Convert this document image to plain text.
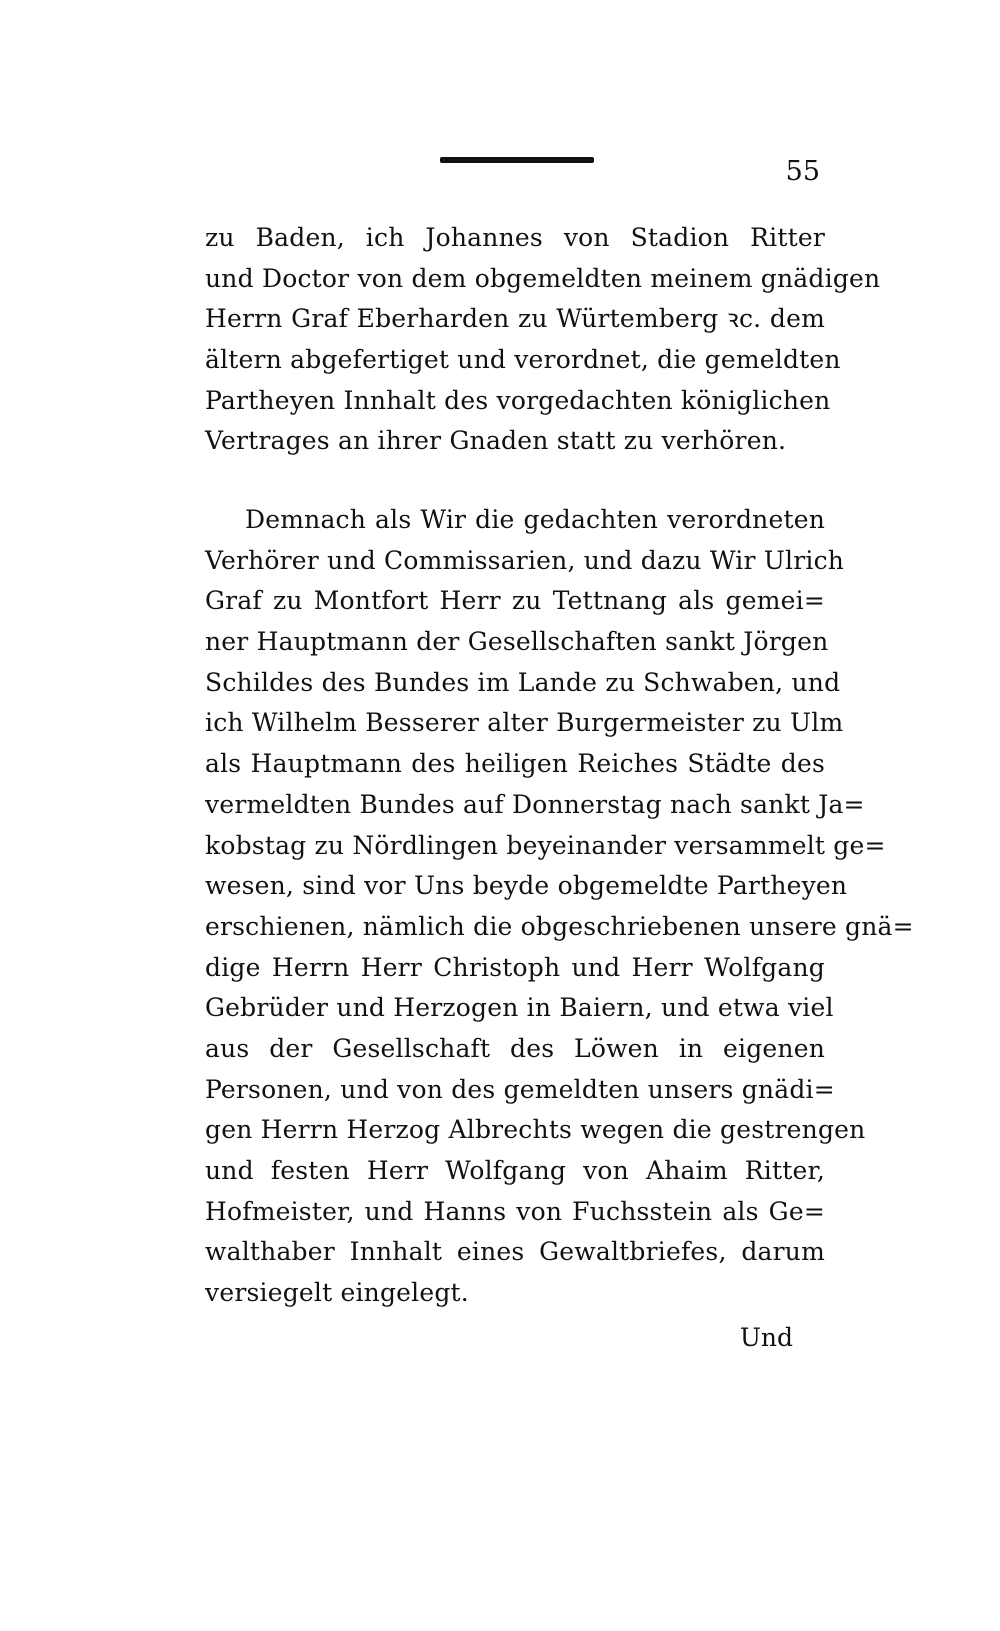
55
zu Baden, ich Johannes von Stadion Ritter
und Doctor von dem obgemeldten meinem gnädigen
Herrn Graf Eberharden zu Würtemberg ꝛc. dem
ältern abgefertiget und verordnet, die gemeldten
Partheyen Innhalt des vorgedachten königlichen
Vertrages an ihrer Gnaden statt zu verhören.
Demnach als Wir die gedachten verordneten
Verhörer und Commissarien, und dazu Wir Ulrich
Graf zu Montfort Herr zu Tettnang als gemei=
ner Hauptmann der Gesellschaften sankt Jörgen
Schildes des Bundes im Lande zu Schwaben, und
ich Wilhelm Besserer alter Burgermeister zu Ulm
als Hauptmann des heiligen Reiches Städte des
vermeldten Bundes auf Donnerstag nach sankt Ja=
kobstag zu Nördlingen beyeinander versammelt ge=
wesen, sind vor Uns beyde obgemeldte Partheyen
erschienen, nämlich die obgeschriebenen unsere gnä=
dige Herrn Herr Christoph und Herr Wolfgang
Gebrüder und Herzogen in Baiern, und etwa viel
aus der Gesellschaft des Löwen in eigenen
Personen, und von des gemeldten unsers gnädi=
gen Herrn Herzog Albrechts wegen die gestrengen
und festen Herr Wolfgang von Ahaim Ritter,
Hofmeister, und Hanns von Fuchsstein als Ge=
walthaber Innhalt eines Gewaltbriefes, darum
versiegelt eingelegt.
Und
